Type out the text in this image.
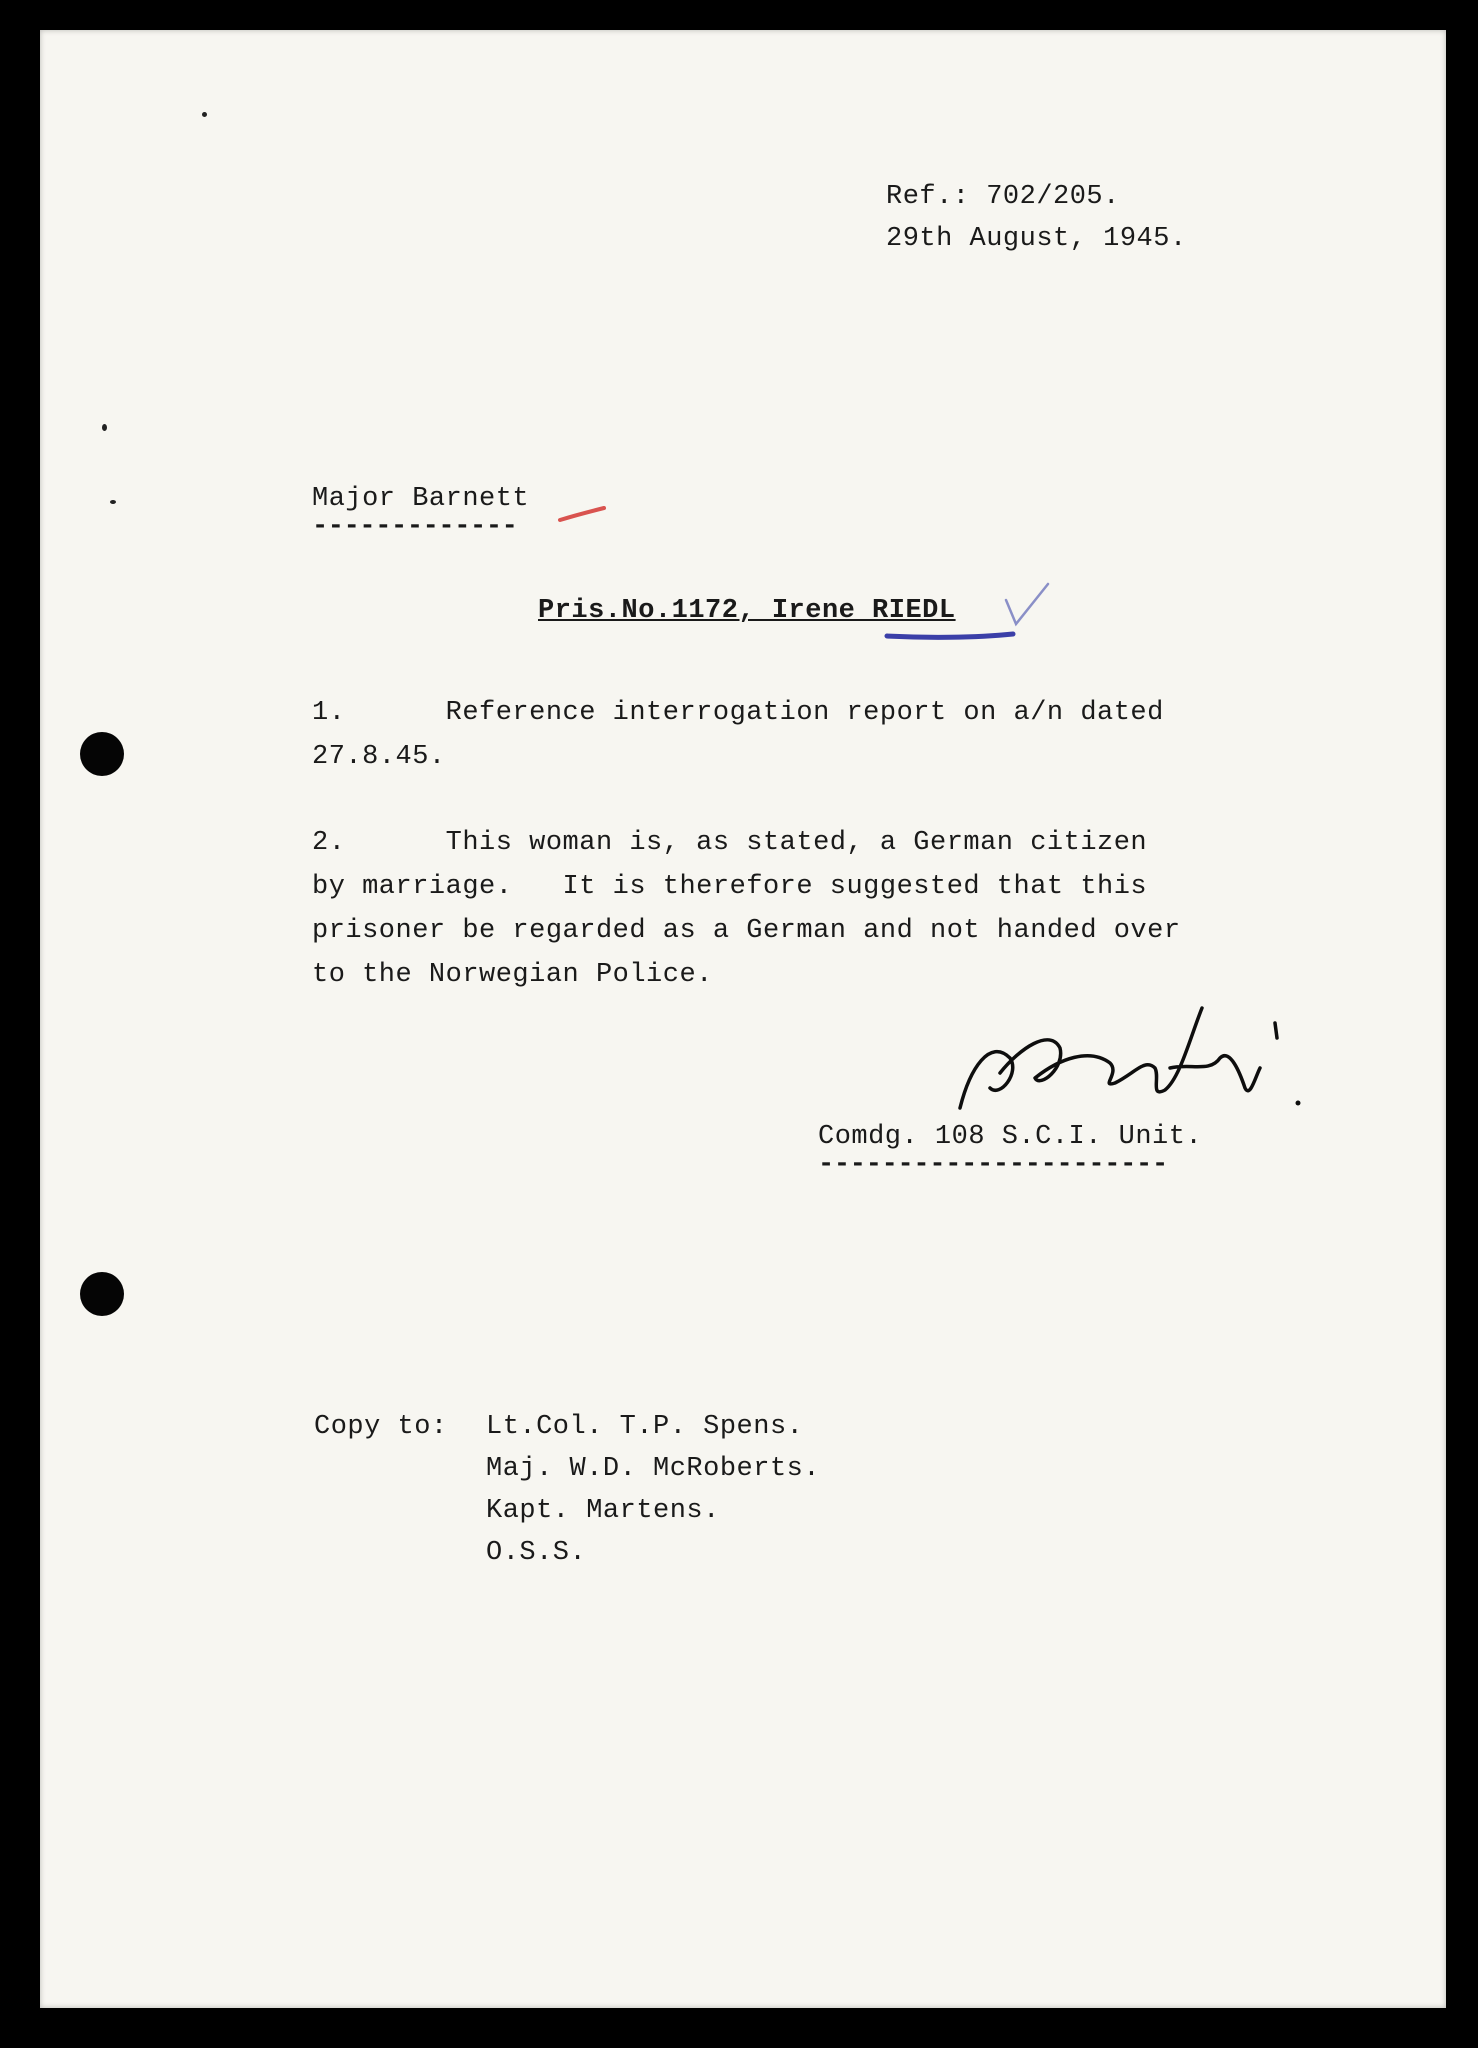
Ref.: 702/205.
29th August, 1945.
Major Barnett
-------------
Pris.No.1172, Irene RIEDL
1.      Reference interrogation report on a/n dated
27.8.45.
2.      This woman is, as stated, a German citizen
by marriage.   It is therefore suggested that this
prisoner be regarded as a German and not handed over
to the Norwegian Police.
Comdg. 108 S.C.I. Unit.
----------------------
Copy to: Lt.Col. T.P. Spens.
Maj. W.D. McRoberts.
Kapt. Martens.
O.S.S.
